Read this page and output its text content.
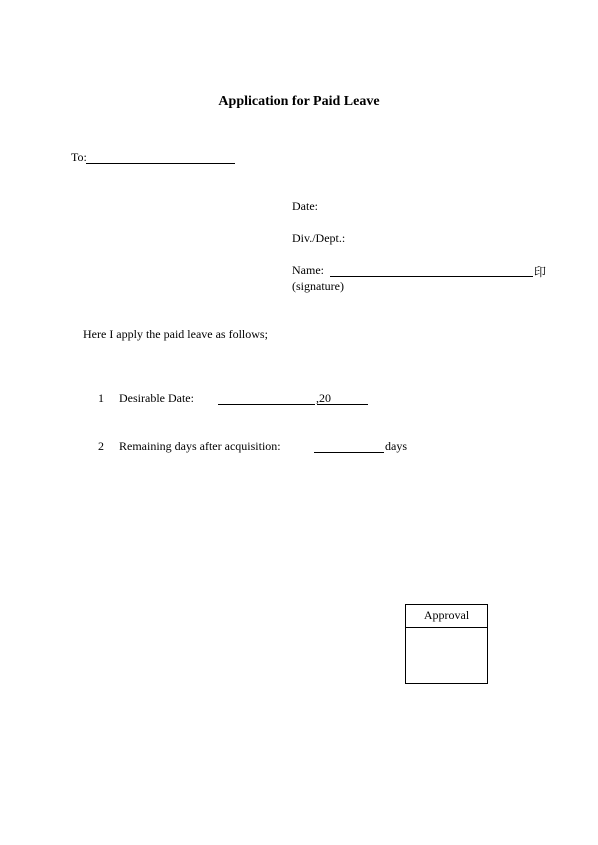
Application for Paid Leave
To:
Date:
Div./Dept.:
Name:	印
(signature)
Here I apply the paid leave as follows;
1 Desirable Date:	,20
2 Remaining days after acquisition:	days
Approval
